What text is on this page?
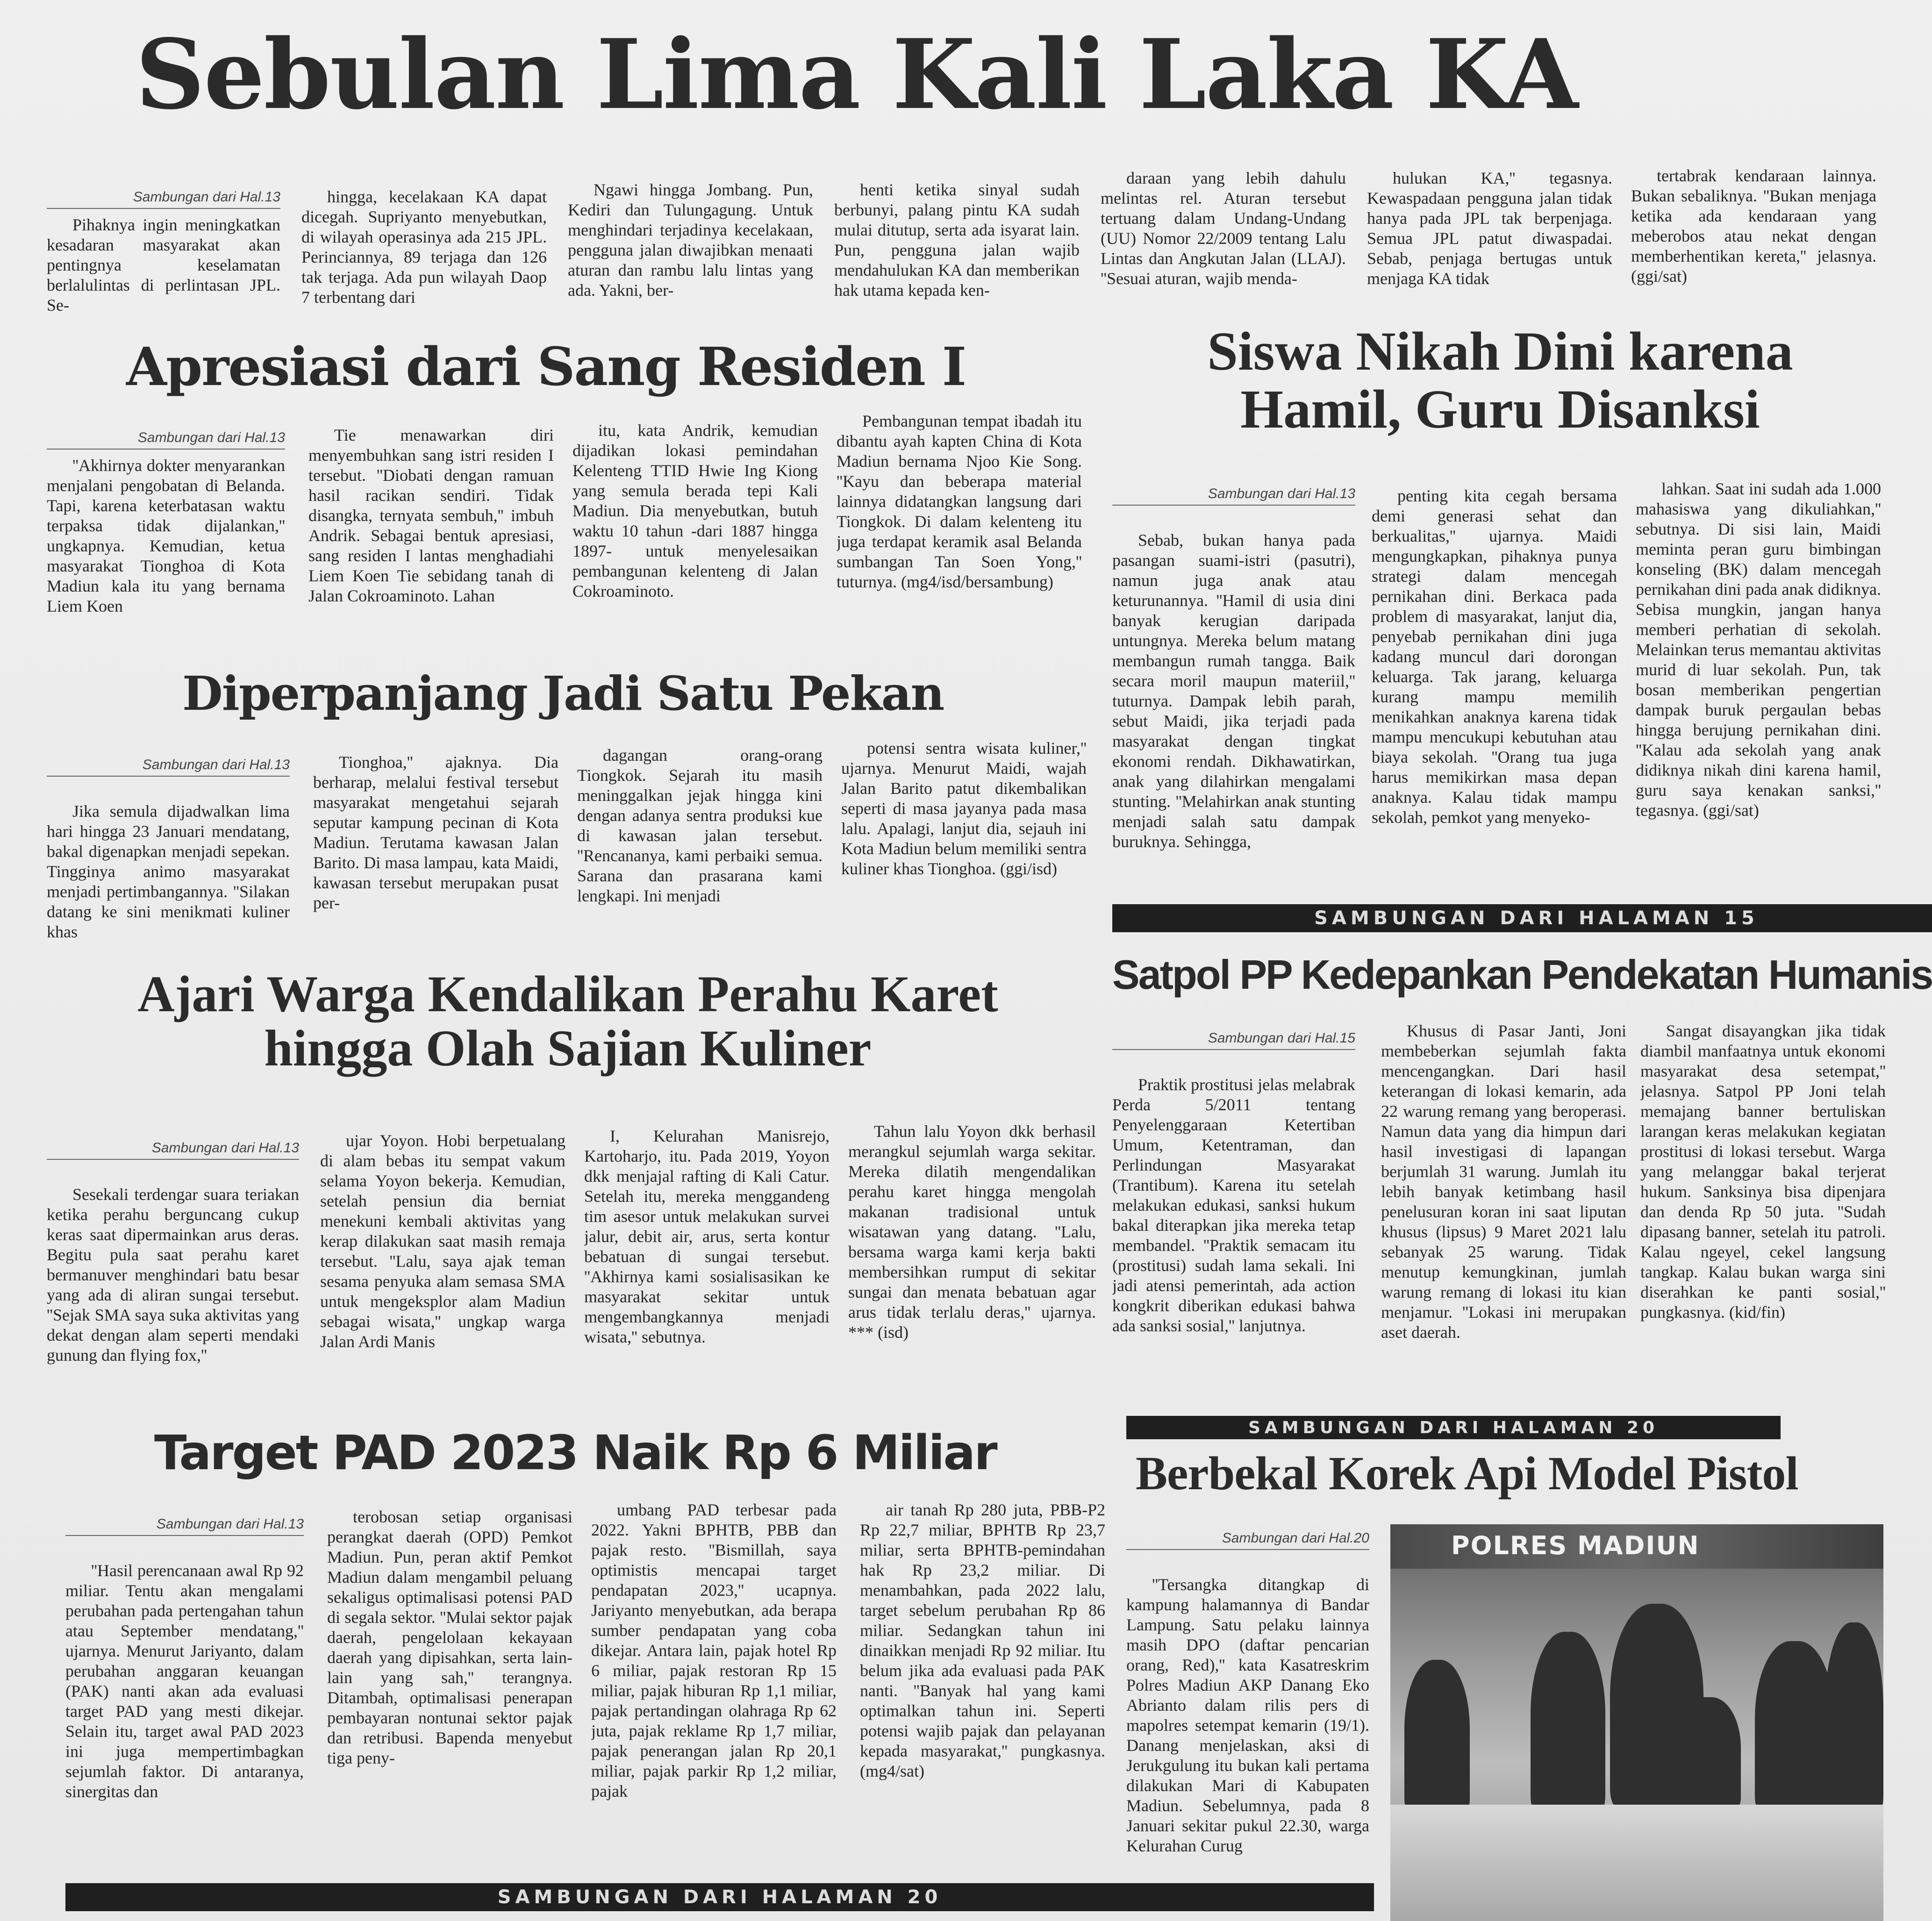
Sebulan Lima Kali Laka KA
Sambungan dari Hal.13

Pihaknya ingin meningkatkan kesadaran masyarakat akan pentingnya keselamatan berlalulintas di perlintasan JPL. Se-

hingga, kecelakaan KA dapat dicegah. Supriyanto menyebutkan, di wilayah operasinya ada 215 JPL. Perinciannya, 89 terjaga dan 126 tak terjaga. Ada pun wilayah Daop 7 terbentang dari

Ngawi hingga Jombang. Pun, Kediri dan Tulungagung. Untuk menghindari terjadinya kecelakaan, pengguna jalan diwajibkan menaati aturan dan rambu lalu lintas yang ada. Yakni, ber-

henti ketika sinyal sudah berbunyi, palang pintu KA sudah mulai ditutup, serta ada isyarat lain. Pun, pengguna jalan wajib mendahulukan KA dan memberikan hak utama kepada ken-

daraan yang lebih dahulu melintas rel. Aturan tersebut tertuang dalam Undang-Undang (UU) Nomor 22/2009 tentang Lalu Lintas dan Angkutan Jalan (LLAJ). ''Sesuai aturan, wajib menda-

hulukan KA,'' tegasnya. Kewaspadaan pengguna jalan tidak hanya pada JPL tak berpenjaga. Semua JPL patut diwaspadai. Sebab, penjaga bertugas untuk menjaga KA tidak

tertabrak kendaraan lainnya. Bukan sebaliknya. ''Bukan menjaga ketika ada kendaraan yang meberobos atau nekat dengan memberhentikan kereta,'' jelasnya. (ggi/sat)

Apresiasi dari Sang Residen I
Sambungan dari Hal.13

''Akhirnya dokter menyarankan menjalani pengobatan di Belanda. Tapi, karena keterbatasan waktu terpaksa tidak dijalankan,'' ungkapnya. Kemudian, ketua masyarakat Tionghoa di Kota Madiun kala itu yang bernama Liem Koen

Tie menawarkan diri menyembuhkan sang istri residen I tersebut. ''Diobati dengan ramuan hasil racikan sendiri. Tidak disangka, ternyata sembuh,'' imbuh Andrik. Sebagai bentuk apresiasi, sang residen I lantas menghadiahi Liem Koen Tie sebidang tanah di Jalan Cokroaminoto. Lahan

itu, kata Andrik, kemudian dijadikan lokasi pemindahan Kelenteng TTID Hwie Ing Kiong yang semula berada tepi Kali Madiun. Dia menyebutkan, butuh waktu 10 tahun -dari 1887 hingga 1897- untuk menyelesaikan pembangunan kelenteng di Jalan Cokroaminoto.

Pembangunan tempat ibadah itu dibantu ayah kapten China di Kota Madiun bernama Njoo Kie Song. ''Kayu dan beberapa material lainnya didatangkan langsung dari Tiongkok. Di dalam kelenteng itu juga terdapat keramik asal Belanda sumbangan Tan Soen Yong,'' tuturnya. (mg4/isd/bersambung)

Diperpanjang Jadi Satu Pekan
Sambungan dari Hal.13

Jika semula dijadwalkan lima hari hingga 23 Januari mendatang, bakal digenapkan menjadi sepekan. Tingginya animo masyarakat menjadi pertimbangannya. ''Silakan datang ke sini menikmati kuliner khas

Tionghoa,'' ajaknya. Dia berharap, melalui festival tersebut masyarakat mengetahui sejarah seputar kampung pecinan di Kota Madiun. Terutama kawasan Jalan Barito. Di masa lampau, kata Maidi, kawasan tersebut merupakan pusat per-

dagangan orang-orang Tiongkok. Sejarah itu masih meninggalkan jejak hingga kini dengan adanya sentra produksi kue di kawasan jalan tersebut. ''Rencananya, kami perbaiki semua. Sarana dan prasarana kami lengkapi. Ini menjadi

potensi sentra wisata kuliner,'' ujarnya. Menurut Maidi, wajah Jalan Barito patut dikembalikan seperti di masa jayanya pada masa lalu. Apalagi, lanjut dia, sejauh ini Kota Madiun belum memiliki sentra kuliner khas Tionghoa. (ggi/isd)

Siswa Nikah Dini karena
Hamil, Guru Disanksi
Sambungan dari Hal.13

Sebab, bukan hanya pada pasangan suami-istri (pasutri), namun juga anak atau keturunannya. ''Hamil di usia dini banyak kerugian daripada untungnya. Mereka belum matang membangun rumah tangga. Baik secara moril maupun materiil,'' tuturnya. Dampak lebih parah, sebut Maidi, jika terjadi pada masyarakat dengan tingkat ekonomi rendah. Dikhawatirkan, anak yang dilahirkan mengalami stunting. ''Melahirkan anak stunting menjadi salah satu dampak buruknya. Sehingga,

penting kita cegah bersama demi generasi sehat dan berkualitas,'' ujarnya. Maidi mengungkapkan, pihaknya punya strategi dalam mencegah pernikahan dini. Berkaca pada problem di masyarakat, lanjut dia, penyebab pernikahan dini juga kadang muncul dari dorongan keluarga. Tak jarang, keluarga kurang mampu memilih menikahkan anaknya karena tidak mampu mencukupi kebutuhan atau biaya sekolah. ''Orang tua juga harus memikirkan masa depan anaknya. Kalau tidak mampu sekolah, pemkot yang menyeko-

lahkan. Saat ini sudah ada 1.000 mahasiswa yang dikuliahkan,'' sebutnya. Di sisi lain, Maidi meminta peran guru bimbingan konseling (BK) dalam mencegah pernikahan dini pada anak didiknya. Sebisa mungkin, jangan hanya memberi perhatian di sekolah. Melainkan terus memantau aktivitas murid di luar sekolah. Pun, tak bosan memberikan pengertian dampak buruk pergaulan bebas hingga berujung pernikahan dini. ''Kalau ada sekolah yang anak didiknya nikah dini karena hamil, guru saya kenakan sanksi,'' tegasnya. (ggi/sat)

SAMBUNGAN DARI HALAMAN 15
Ajari Warga Kendalikan Perahu Karet
hingga Olah Sajian Kuliner
Sambungan dari Hal.13

Sesekali terdengar suara teriakan ketika perahu berguncang cukup keras saat dipermainkan arus deras. Begitu pula saat perahu karet bermanuver menghindari batu besar yang ada di aliran sungai tersebut. ''Sejak SMA saya suka aktivitas yang dekat dengan alam seperti mendaki gunung dan flying fox,''

ujar Yoyon. Hobi berpetualang di alam bebas itu sempat vakum selama Yoyon bekerja. Kemudian, setelah pensiun dia berniat menekuni kembali aktivitas yang kerap dilakukan saat masih remaja tersebut. ''Lalu, saya ajak teman sesama penyuka alam semasa SMA untuk mengeksplor alam Madiun sebagai wisata,'' ungkap warga Jalan Ardi Manis

I, Kelurahan Manisrejo, Kartoharjo, itu. Pada 2019, Yoyon dkk menjajal rafting di Kali Catur. Setelah itu, mereka menggandeng tim asesor untuk melakukan survei jalur, debit air, arus, serta kontur bebatuan di sungai tersebut. ''Akhirnya kami sosialisasikan ke masyarakat sekitar untuk mengembangkannya menjadi wisata,'' sebutnya.

Tahun lalu Yoyon dkk berhasil merangkul sejumlah warga sekitar. Mereka dilatih mengendalikan perahu karet hingga mengolah makanan tradisional untuk wisatawan yang datang. ''Lalu, bersama warga kami kerja bakti membersihkan rumput di sekitar sungai dan menata bebatuan agar arus tidak terlalu deras,'' ujarnya. *** (isd)

Satpol PP Kedepankan Pendekatan Humanis
Sambungan dari Hal.15

Praktik prostitusi jelas melabrak Perda 5/2011 tentang Penyelenggaraan Ketertiban Umum, Ketentraman, dan Perlindungan Masyarakat (Trantibum). Karena itu setelah melakukan edukasi, sanksi hukum bakal diterapkan jika mereka tetap membandel. ''Praktik semacam itu (prostitusi) sudah lama sekali. Ini jadi atensi pemerintah, ada action kongkrit diberikan edukasi bahwa ada sanksi sosial,'' lanjutnya.

Khusus di Pasar Janti, Joni membeberkan sejumlah fakta mencengangkan. Dari hasil keterangan di lokasi kemarin, ada 22 warung remang yang beroperasi. Namun data yang dia himpun dari hasil investigasi di lapangan berjumlah 31 warung. Jumlah itu lebih banyak ketimbang hasil penelusuran koran ini saat liputan khusus (lipsus) 9 Maret 2021 lalu sebanyak 25 warung. Tidak menutup kemungkinan, jumlah warung remang di lokasi itu kian menjamur. ''Lokasi ini merupakan aset daerah.

Sangat disayangkan jika tidak diambil manfaatnya untuk ekonomi masyarakat desa setempat,'' jelasnya. Satpol PP Joni telah memajang banner bertuliskan larangan keras melakukan kegiatan prostitusi di lokasi tersebut. Warga yang melanggar bakal terjerat hukum. Sanksinya bisa dipenjara dan denda Rp 50 juta. ''Sudah dipasang banner, setelah itu patroli. Kalau ngeyel, cekel langsung tangkap. Kalau bukan warga sini diserahkan ke panti sosial,'' pungkasnya. (kid/fin)

SAMBUNGAN DARI HALAMAN 20
Target PAD 2023 Naik Rp 6 Miliar
Sambungan dari Hal.13

''Hasil perencanaan awal Rp 92 miliar. Tentu akan mengalami perubahan pada pertengahan tahun atau September mendatang,'' ujarnya. Menurut Jariyanto, dalam perubahan anggaran keuangan (PAK) nanti akan ada evaluasi target PAD yang mesti dikejar. Selain itu, target awal PAD 2023 ini juga mempertimbagkan sejumlah faktor. Di antaranya, sinergitas dan

terobosan setiap organisasi perangkat daerah (OPD) Pemkot Madiun. Pun, peran aktif Pemkot Madiun dalam mengambil peluang sekaligus optimalisasi potensi PAD di segala sektor. ''Mulai sektor pajak daerah, pengelolaan kekayaan daerah yang dipisahkan, serta lain-lain yang sah,'' terangnya. Ditambah, optimalisasi penerapan pembayaran nontunai sektor pajak dan retribusi. Bapenda menyebut tiga peny-

umbang PAD terbesar pada 2022. Yakni BPHTB, PBB dan pajak resto. ''Bismillah, saya optimistis mencapai target pendapatan 2023,'' ucapnya. Jariyanto menyebutkan, ada berapa sumber pendapatan yang coba dikejar. Antara lain, pajak hotel Rp 6 miliar, pajak restoran Rp 15 miliar, pajak hiburan Rp 1,1 miliar, pajak pertandingan olahraga Rp 62 juta, pajak reklame Rp 1,7 miliar, pajak penerangan jalan Rp 20,1 miliar, pajak parkir Rp 1,2 miliar, pajak

air tanah Rp 280 juta, PBB-P2 Rp 22,7 miliar, BPHTB Rp 23,7 miliar, serta BPHTB-pemindahan hak Rp 23,2 miliar. Di menambahkan, pada 2022 lalu, target sebelum perubahan Rp 86 miliar. Sedangkan tahun ini dinaikkan menjadi Rp 92 miliar. Itu belum jika ada evaluasi pada PAK nanti. ''Banyak hal yang kami optimalkan tahun ini. Seperti potensi wajib pajak dan pelayanan kepada masyarakat,'' pungkasnya. (mg4/sat)

SAMBUNGAN DARI HALAMAN 20
Berbekal Korek Api Model Pistol
Sambungan dari Hal.20

''Tersangka ditangkap di kampung halamannya di Bandar Lampung. Satu pelaku lainnya masih DPO (daftar pencarian orang, Red),'' kata Kasatreskrim Polres Madiun AKP Danang Eko Abrianto dalam rilis pers di mapolres setempat kemarin (19/1). Danang menjelaskan, aksi di Jerukgulung itu bukan kali pertama dilakukan Mari di Kabupaten Madiun. Sebelumnya, pada 8 Januari sekitar pukul 22.30, warga Kelurahan Curug

POLRES MADIUN
